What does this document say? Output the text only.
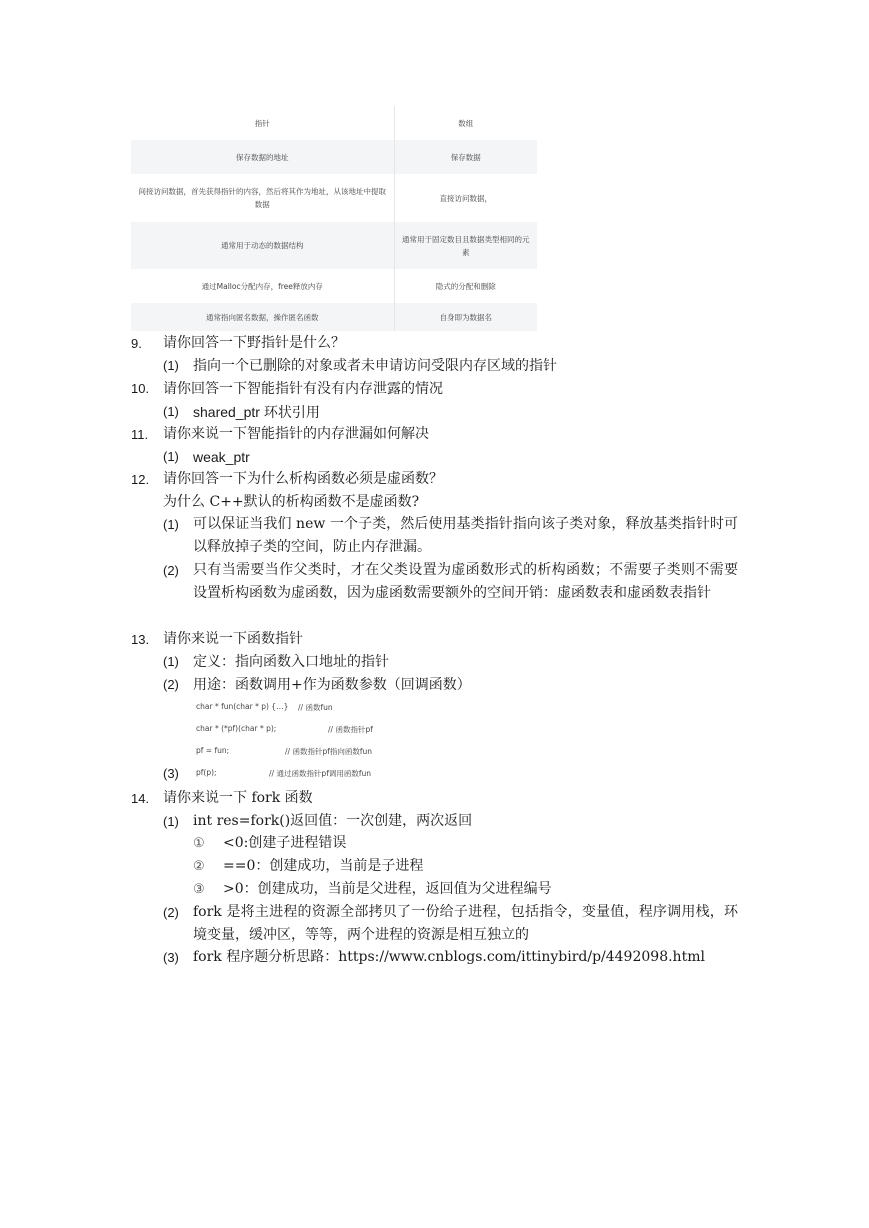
指针	数组
保存数据的地址	保存数据
间接访问数据，首先获得指针的内容，然后将其作为地址，从该地址中提取数据	直接访问数据，
通常用于动态的数据结构	通常用于固定数目且数据类型相同的元素
通过Malloc分配内存，free释放内存	隐式的分配和删除
通常指向匿名数据，操作匿名函数	自身即为数据名
9. 请你回答一下野指针是什么？
(1) 指向一个已删除的对象或者未申请访问受限内存区域的指针
10. 请你回答一下智能指针有没有内存泄露的情况
(1) shared_ptr 环状引用
11. 请你来说一下智能指针的内存泄漏如何解决
(1) weak_ptr
12. 请你回答一下为什么析构函数必须是虚函数？
为什么 C++默认的析构函数不是虚函数?
(1) 可以保证当我们 new 一个子类，然后使用基类指针指向该子类对象，释放基类指针时可以释放掉子类的空间，防止内存泄漏。
(2) 只有当需要当作父类时，才在父类设置为虚函数形式的析构函数；不需要子类则不需要设置析构函数为虚函数，因为虚函数需要额外的空间开销：虚函数表和虚函数表指针
13. 请你来说一下函数指针
(1) 定义：指向函数入口地址的指针
(2) 用途：函数调用+作为函数参数（回调函数）
char * fun(char * p) {…} // 函数fun
char * (*pf)(char * p);	// 函数指针pf
pf = fun;	// 函数指针pf指向函数fun
(3) pf(p);	// 通过函数指针pf调用函数fun
14. 请你来说一下 fork 函数
(1) int res=fork()返回值：一次创建，两次返回
① <0:创建子进程错误
② ==0：创建成功，当前是子进程
③ >0：创建成功，当前是父进程，返回值为父进程编号
(2) fork 是将主进程的资源全部拷贝了一份给子进程，包括指令，变量值，程序调用栈，环境变量，缓冲区，等等，两个进程的资源是相互独立的
(3) fork 程序题分析思路：https://www.cnblogs.com/ittinybird/p/4492098.html
